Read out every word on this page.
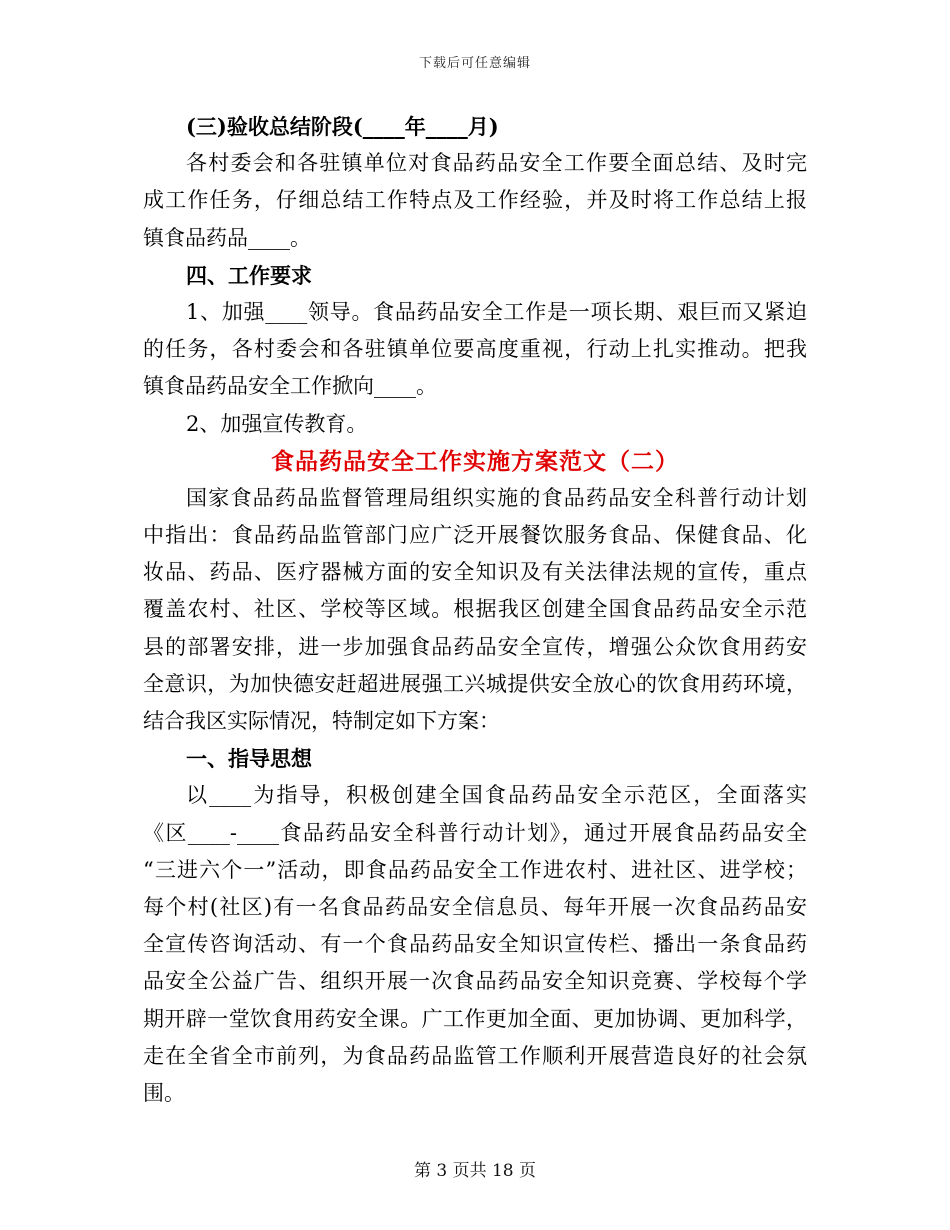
下载后可任意编辑
(三)验收总结阶段(____年____月)
各村委会和各驻镇单位对食品药品安全工作要全面总结、及时完
成工作任务，仔细总结工作特点及工作经验，并及时将工作总结上报
镇食品药品____。
四、工作要求
1、加强____领导。食品药品安全工作是一项长期、艰巨而又紧迫
的任务，各村委会和各驻镇单位要高度重视，行动上扎实推动。把我
镇食品药品安全工作掀向____。
2、加强宣传教育。
食品药品安全工作实施方案范文（二）
国家食品药品监督管理局组织实施的食品药品安全科普行动计划
中指出：食品药品监管部门应广泛开展餐饮服务食品、保健食品、化
妆品、药品、医疗器械方面的安全知识及有关法律法规的宣传，重点
覆盖农村、社区、学校等区域。根据我区创建全国食品药品安全示范
县的部署安排，进一步加强食品药品安全宣传，增强公众饮食用药安
全意识，为加快德安赶超进展强工兴城提供安全放心的饮食用药环境，
结合我区实际情况，特制定如下方案：
一、指导思想
以____为指导，积极创建全国食品药品安全示范区，全面落实
《区____-____食品药品安全科普行动计划》，通过开展食品药品安全
“三进六个一”活动，即食品药品安全工作进农村、进社区、进学校；
每个村(社区)有一名食品药品安全信息员、每年开展一次食品药品安
全宣传咨询活动、有一个食品药品安全知识宣传栏、播出一条食品药
品安全公益广告、组织开展一次食品药品安全知识竞赛、学校每个学
期开辟一堂饮食用药安全课。广工作更加全面、更加协调、更加科学，
走在全省全市前列，为食品药品监管工作顺利开展营造良好的社会氛
围。
第 3 页共 18 页
